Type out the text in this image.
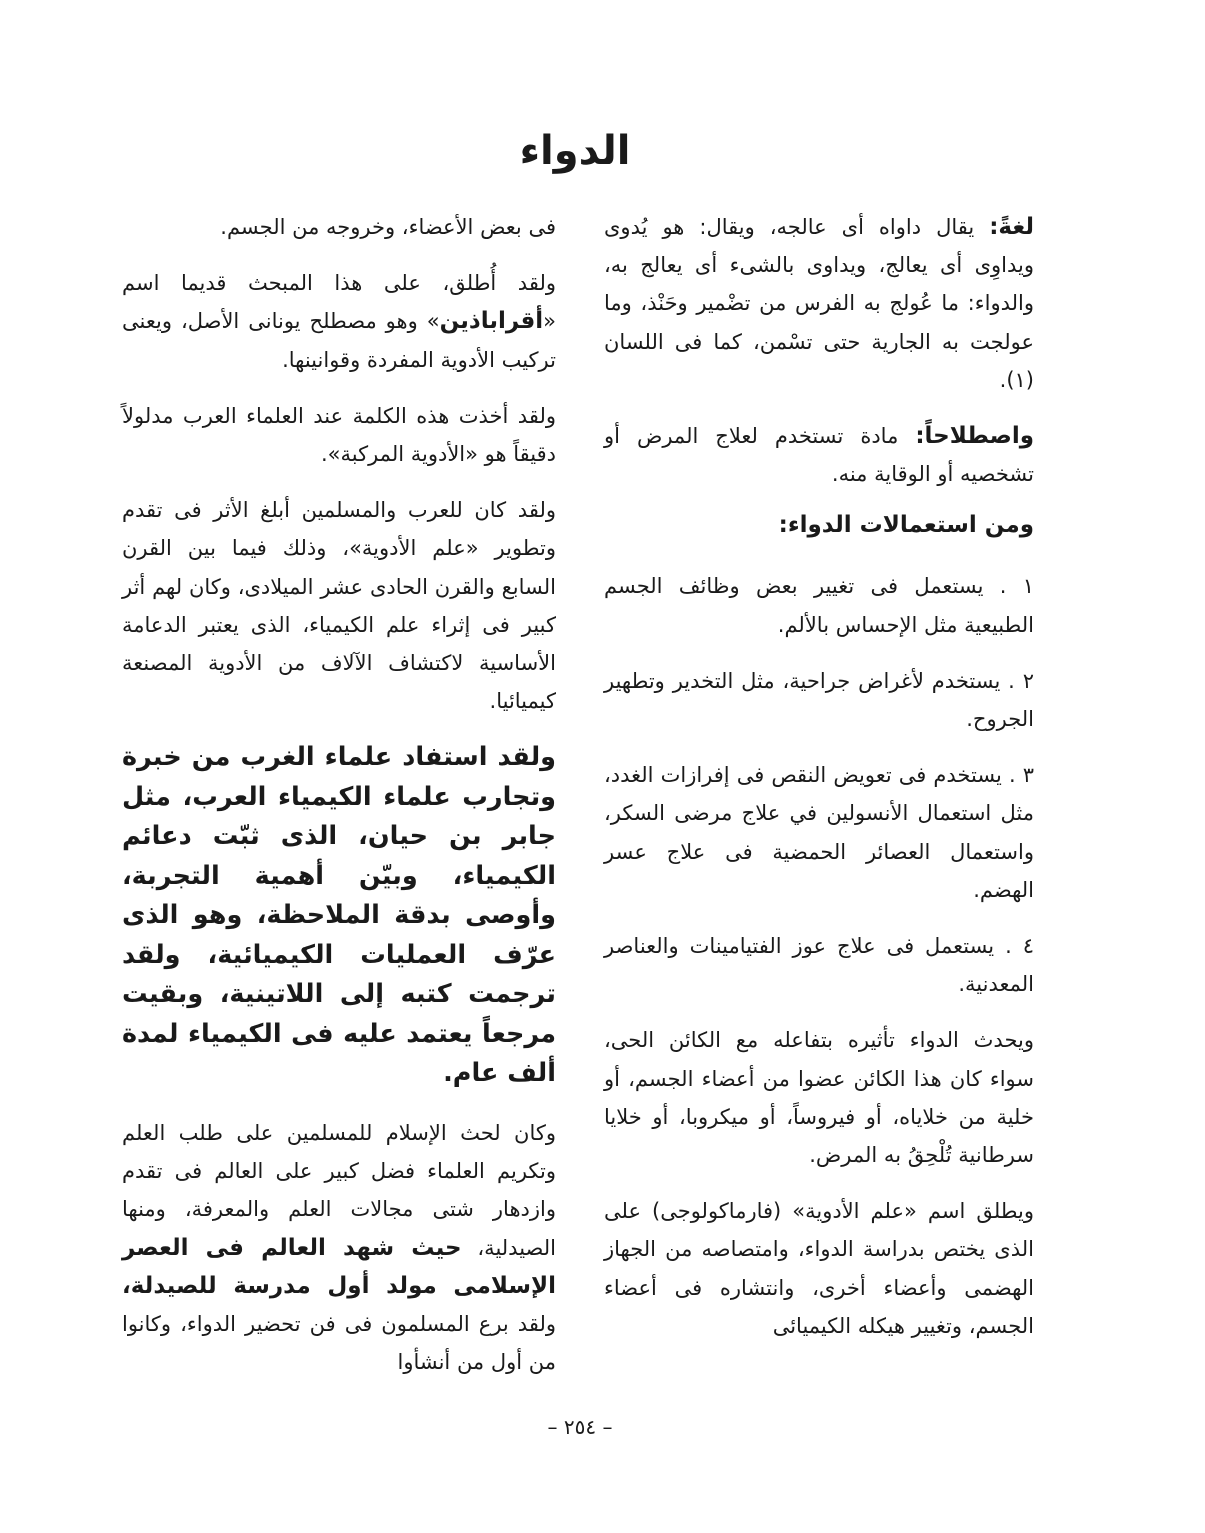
الدواء

لغةً: يقال داواه أى عالجه، ويقال: هو يُدوى ويداوِى أى يعالج، ويداوى بالشىء أى يعالج به، والدواء: ما عُولج به الفرس من تضْمير وحَنْذ، وما عولجت به الجارية حتى تسْمن، كما فى اللسان (١).

واصطلاحاً: مادة تستخدم لعلاج المرض أو تشخصيه أو الوقاية منه.

ومن استعمالات الدواء:

١ . يستعمل فى تغيير بعض وظائف الجسم الطبيعية مثل الإحساس بالألم.

٢ . يستخدم لأغراض جراحية، مثل التخدير وتطهير الجروح.

٣ . يستخدم فى تعويض النقص فى إفرازات الغدد، مثل استعمال الأنسولين في علاج مرضى السكر، واستعمال العصائر الحمضية فى علاج عسر الهضم.

٤ . يستعمل فى علاج عوز الفتيامينات والعناصر المعدنية.

ويحدث الدواء تأثيره بتفاعله مع الكائن الحى، سواء كان هذا الكائن عضوا من أعضاء الجسم، أو خلية من خلاياه، أو فيروساً، أو ميكروبا، أو خلايا سرطانية تُلْحِقُ به المرض.

ويطلق اسم «علم الأدوية» (فارماكولوجى) على الذى يختص بدراسة الدواء، وامتصاصه من الجهاز الهضمى وأعضاء أخرى، وانتشاره فى أعضاء الجسم، وتغيير هيكله الكيميائى

فى بعض الأعضاء، وخروجه من الجسم.

ولقد أُطلق، على هذا المبحث قديما اسم «أقراباذين» وهو مصطلح يونانى الأصل، ويعنى تركيب الأدوية المفردة وقوانينها.

ولقد أخذت هذه الكلمة عند العلماء العرب مدلولاً دقيقاً هو «الأدوية المركبة».

ولقد كان للعرب والمسلمين أبلغ الأثر فى تقدم وتطوير «علم الأدوية»، وذلك فيما بين القرن السابع والقرن الحادى عشر الميلادى، وكان لهم أثر كبير فى إثراء علم الكيمياء، الذى يعتبر الدعامة الأساسية لاكتشاف الآلاف من الأدوية المصنعة كيميائيا.

ولقد استفاد علماء الغرب من خبرة وتجارب علماء الكيمياء العرب، مثل جابر بن حيان، الذى ثبّت دعائم الكيمياء، وبيّن أهمية التجربة، وأوصى بدقة الملاحظة، وهو الذى عرّف العمليات الكيميائية، ولقد ترجمت كتبه إلى اللاتينية، وبقيت مرجعاً يعتمد عليه فى الكيمياء لمدة ألف عام.

وكان لحث الإسلام للمسلمين على طلب العلم وتكريم العلماء فضل كبير على العالم فى تقدم وازدهار شتى مجالات العلم والمعرفة، ومنها الصيدلية، حيث شهد العالم فى العصر الإسلامى مولد أول مدرسة للصيدلة، ولقد برع المسلمون فى فن تحضير الدواء، وكانوا من أول من أنشأوا

– ٢٥٤ –
